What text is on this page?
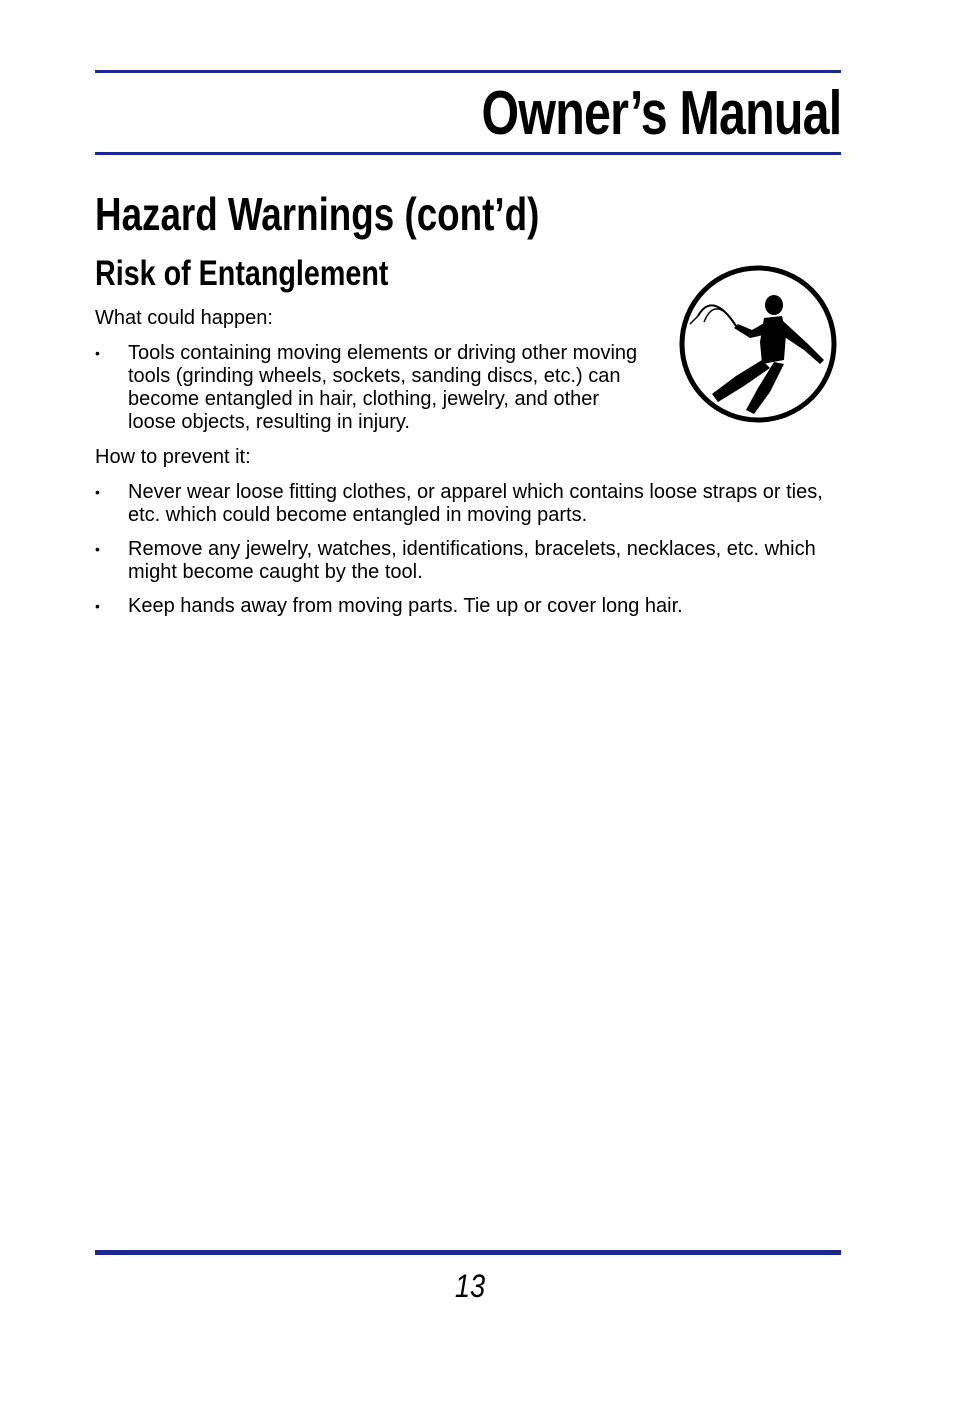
Owner’s Manual
Hazard Warnings (cont’d)
Risk of Entanglement

What could happen:

• Tools containing moving elements or driving other moving tools (grinding wheels, sockets, sanding discs, etc.) can become entangled in hair, clothing, jewelry, and other loose objects, resulting in injury.

How to prevent it:

• Never wear loose fitting clothes, or apparel which contains loose straps or ties, etc. which could become entangled in moving parts.
• Remove any jewelry, watches, identifications, bracelets, necklaces, etc. which might become caught by the tool.
• Keep hands away from moving parts. Tie up or cover long hair.
13
